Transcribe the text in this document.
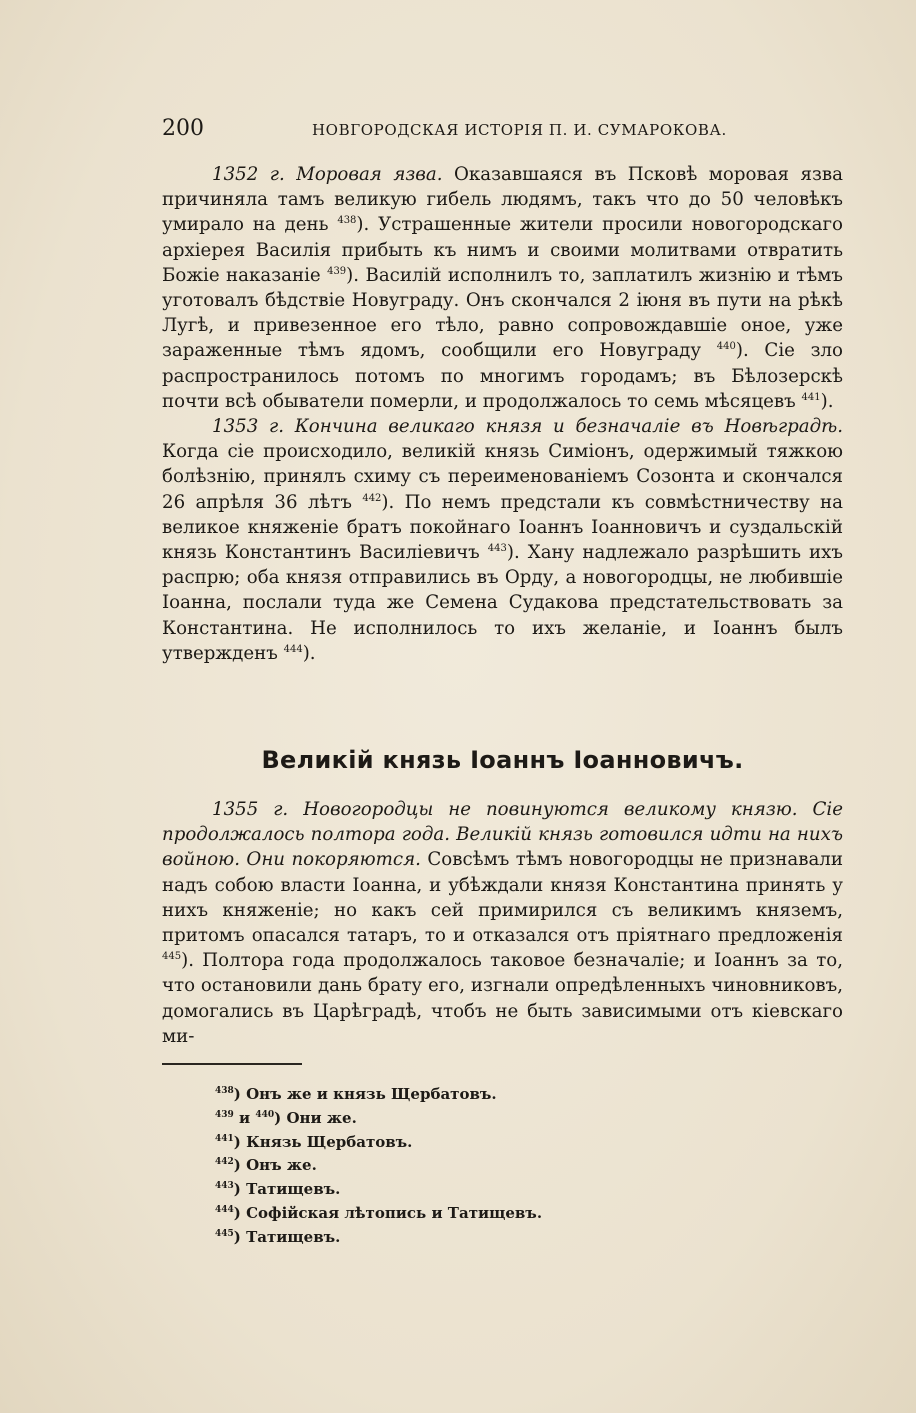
200	НОВГОРОДСКАЯ ИСТОРІЯ П. И. СУМАРОКОВА.

1352 г. Моровая язва. Оказавшаяся въ Псковѣ моровая язва причиняла тамъ великую гибель людямъ, такъ что до 50 человѣкъ умирало на день $^{438}$). Устрашенные жители просили новогородскаго архіерея Василія прибыть къ нимъ и своими молитвами отвратить Божіе наказаніе $^{439}$). Василій исполнилъ то, заплатилъ жизнію и тѣмъ уготовалъ бѣдствіе Новуграду. Онъ скончался 2 іюня въ пути на рѣкѣ Лугѣ, и привезенное его тѣло, равно сопровождавшіе оное, уже зараженные тѣмъ ядомъ, сообщили его Новуграду $^{440}$). Сіе зло распространилось потомъ по многимъ городамъ; въ Бѣлозерскѣ почти всѣ обыватели померли, и продолжалось то семь мѣсяцевъ $^{441}$).

1353 г. Кончина великаго князя и безначаліе въ Новѣградѣ. Когда сіе происходило, великій князь Симіонъ, одержимый тяжкою болѣзнію, принялъ схиму съ переименованіемъ Созонта и скончался 26 апрѣля 36 лѣтъ $^{442}$). По немъ предстали къ совмѣстничеству на великое княженіе братъ покойнаго Іоаннъ Іоанновичъ и суздальскій князь Константинъ Василіевичъ $^{443}$). Хану надлежало разрѣшить ихъ распрю; оба князя отправились въ Орду, а новогородцы, не любившіе Іоанна, послали туда же Семена Судакова предстательствовать за Константина. Не исполнилось то ихъ желаніе, и Іоаннъ былъ утвержденъ $^{444}$).

Великій князь Іоаннъ Іоанновичъ.

1355 г. Новогородцы не повинуются великому князю. Сіе продолжалось полтора года. Великій князь готовился идти на нихъ войною. Они покоряются. Совсѣмъ тѣмъ новогородцы не признавали надъ собою власти Іоанна, и убѣждали князя Константина принять у нихъ княженіе; но какъ сей примирился съ великимъ княземъ, притомъ опасался татаръ, то и отказался отъ пріятнаго предложенія $^{445}$). Полтора года продолжалось таковое безначаліе; и Іоаннъ за то, что остановили дань брату его, изгнали опредѣленныхъ чиновниковъ, домогались въ Царѣградѣ, чтобъ не быть зависимыми отъ кіевскаго ми-

$^{438}$) Онъ же и князь Щербатовъ.
$^{439}$ и $^{440}$) Они же.
$^{441}$) Князь Щербатовъ.
$^{442}$) Онъ же.
$^{443}$) Татищевъ.
$^{444}$) Софійская лѣтопись и Татищевъ.
$^{445}$) Татищевъ.
